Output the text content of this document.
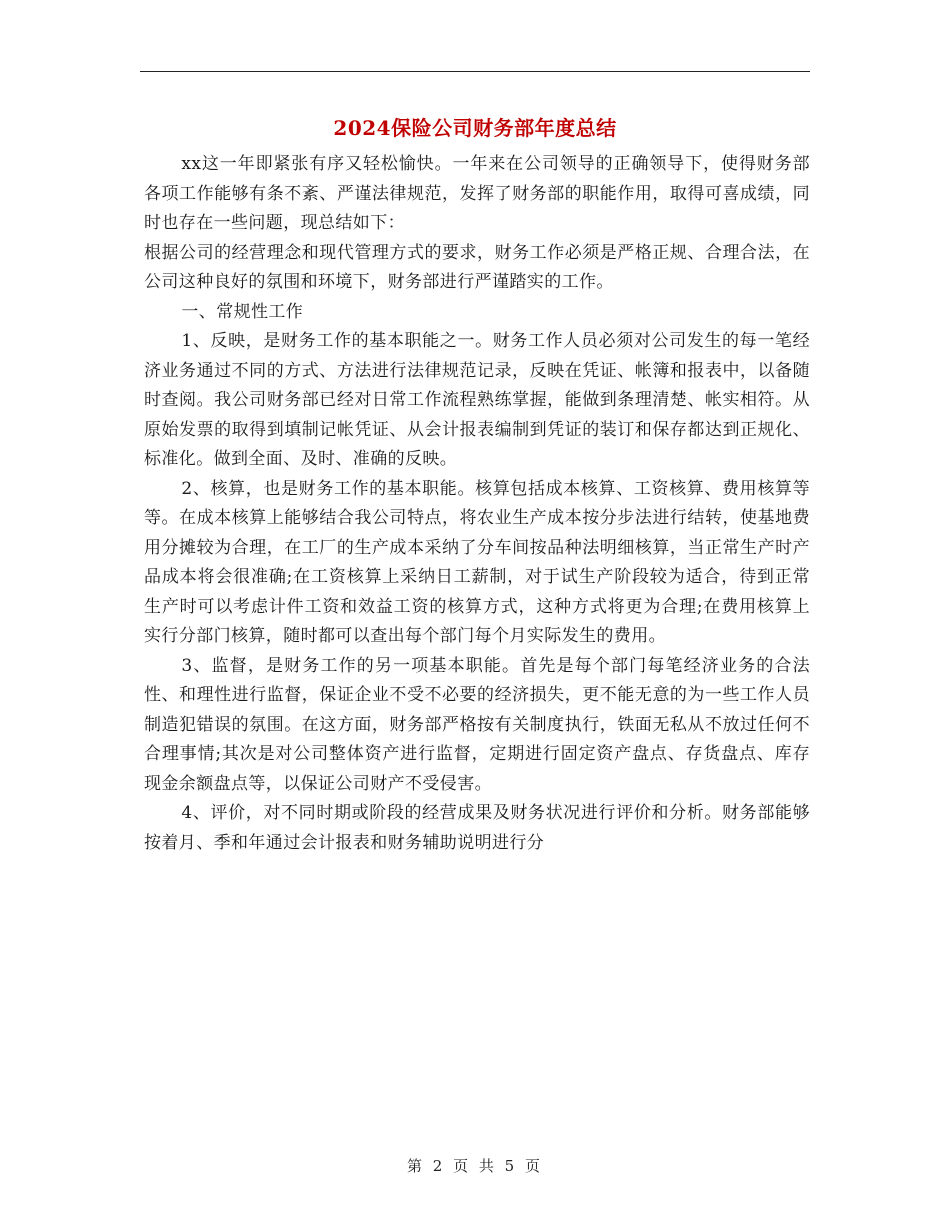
2024保险公司财务部年度总结

xx这一年即紧张有序又轻松愉快。一年来在公司领导的正确领导下，使得财务部各项工作能够有条不紊、严谨法律规范，发挥了财务部的职能作用，取得可喜成绩，同时也存在一些问题，现总结如下：

根据公司的经营理念和现代管理方式的要求，财务工作必须是严格正规、合理合法，在公司这种良好的氛围和环境下，财务部进行严谨踏实的工作。

一、常规性工作

1、反映，是财务工作的基本职能之一。财务工作人员必须对公司发生的每一笔经济业务通过不同的方式、方法进行法律规范记录，反映在凭证、帐簿和报表中，以备随时查阅。我公司财务部已经对日常工作流程熟练掌握，能做到条理清楚、帐实相符。从原始发票的取得到填制记帐凭证、从会计报表编制到凭证的装订和保存都达到正规化、标准化。做到全面、及时、准确的反映。

2、核算，也是财务工作的基本职能。核算包括成本核算、工资核算、费用核算等等。在成本核算上能够结合我公司特点，将农业生产成本按分步法进行结转，使基地费用分摊较为合理，在工厂的生产成本采纳了分车间按品种法明细核算，当正常生产时产品成本将会很准确;在工资核算上采纳日工薪制，对于试生产阶段较为适合，待到正常生产时可以考虑计件工资和效益工资的核算方式，这种方式将更为合理;在费用核算上实行分部门核算，随时都可以查出每个部门每个月实际发生的费用。

3、监督，是财务工作的另一项基本职能。首先是每个部门每笔经济业务的合法性、和理性进行监督，保证企业不受不必要的经济损失，更不能无意的为一些工作人员制造犯错误的氛围。在这方面，财务部严格按有关制度执行，铁面无私从不放过任何不合理事情;其次是对公司整体资产进行监督，定期进行固定资产盘点、存货盘点、库存现金余额盘点等，以保证公司财产不受侵害。

4、评价，对不同时期或阶段的经营成果及财务状况进行评价和分析。财务部能够按着月、季和年通过会计报表和财务辅助说明进行分

第 2 页 共 5 页
